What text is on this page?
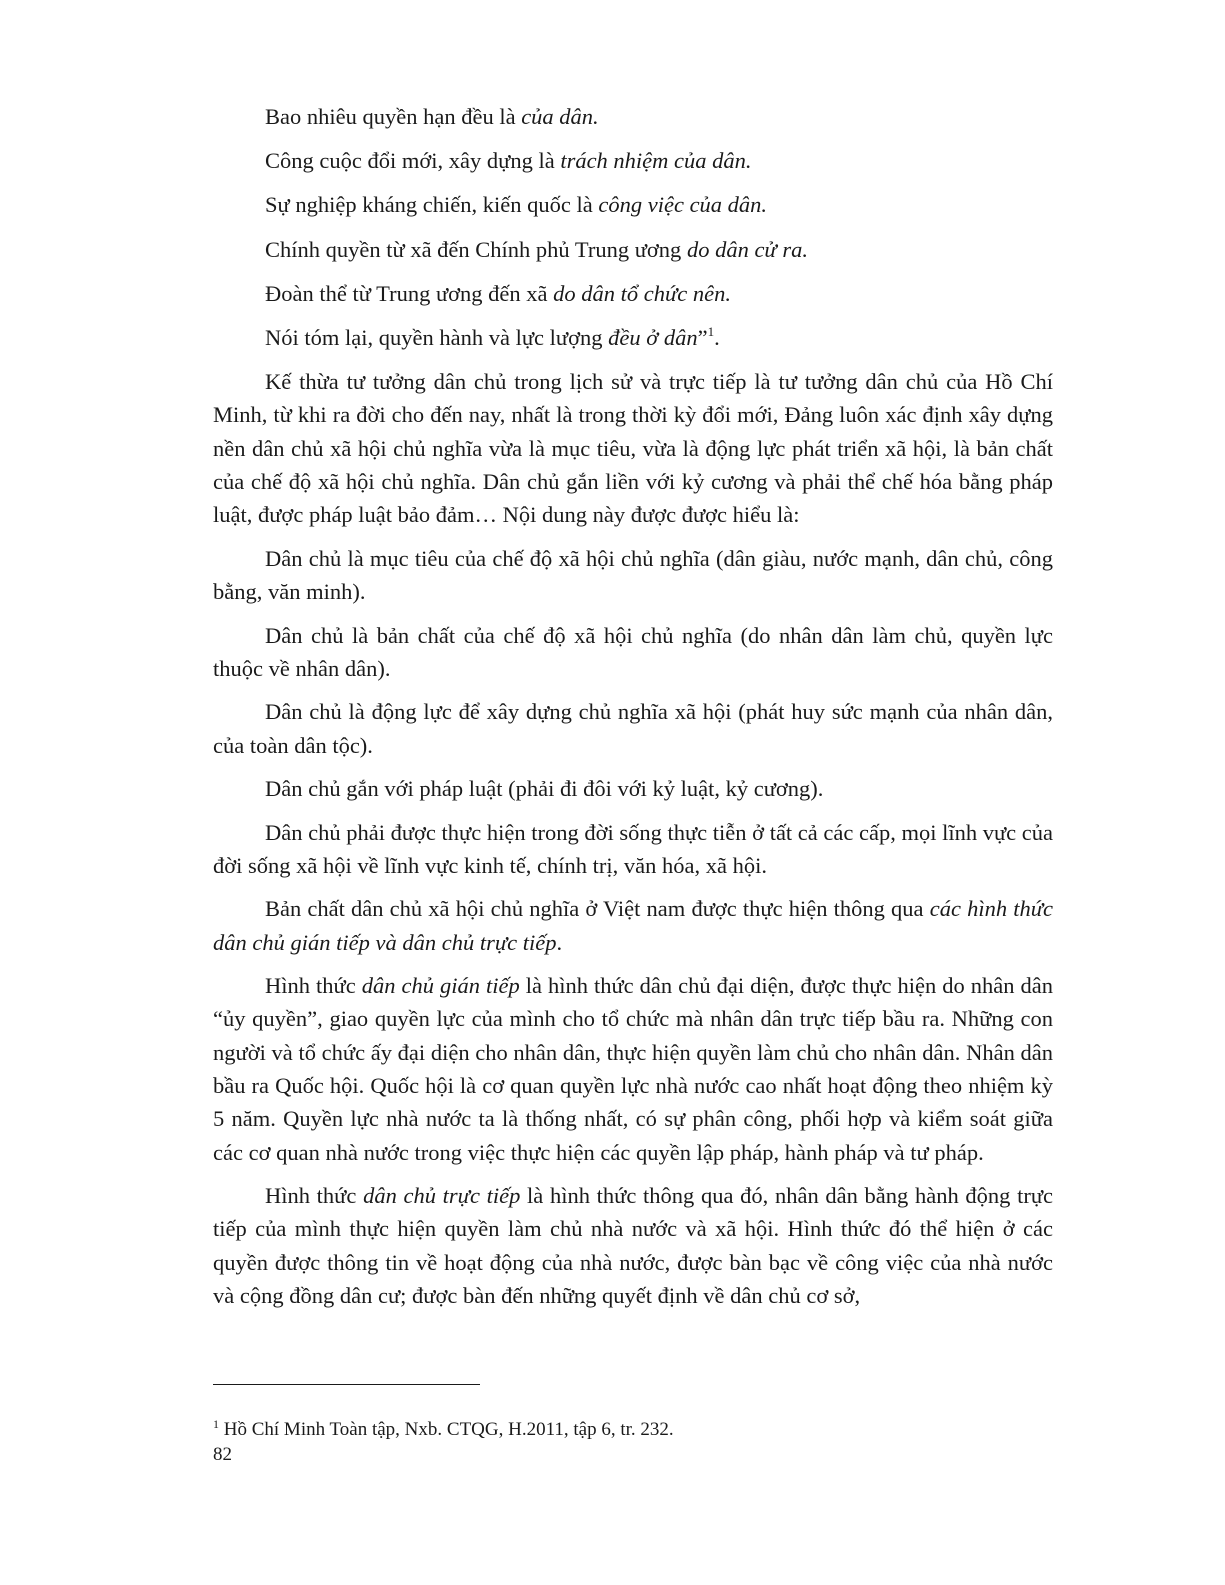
Bao nhiêu quyền hạn đều là của dân.

Công cuộc đổi mới, xây dựng là trách nhiệm của dân.

Sự nghiệp kháng chiến, kiến quốc là công việc của dân.

Chính quyền từ xã đến Chính phủ Trung ương do dân cử ra.

Đoàn thể từ Trung ương đến xã do dân tổ chức nên.

Nói tóm lại, quyền hành và lực lượng đều ở dân”$^1$.

Kế thừa tư tưởng dân chủ trong lịch sử và trực tiếp là tư tưởng dân chủ của Hồ Chí Minh, từ khi ra đời cho đến nay, nhất là trong thời kỳ đổi mới, Đảng luôn xác định xây dựng nền dân chủ xã hội chủ nghĩa vừa là mục tiêu, vừa là động lực phát triển xã hội, là bản chất của chế độ xã hội chủ nghĩa. Dân chủ gắn liền với kỷ cương và phải thể chế hóa bằng pháp luật, được pháp luật bảo đảm… Nội dung này được được hiểu là:

Dân chủ là mục tiêu của chế độ xã hội chủ nghĩa (dân giàu, nước mạnh, dân chủ, công bằng, văn minh).

Dân chủ là bản chất của chế độ xã hội chủ nghĩa (do nhân dân làm chủ, quyền lực thuộc về nhân dân).

Dân chủ là động lực để xây dựng chủ nghĩa xã hội (phát huy sức mạnh của nhân dân, của toàn dân tộc).

Dân chủ gắn với pháp luật (phải đi đôi với kỷ luật, kỷ cương).

Dân chủ phải được thực hiện trong đời sống thực tiễn ở tất cả các cấp, mọi lĩnh vực của đời sống xã hội về lĩnh vực kinh tế, chính trị, văn hóa, xã hội.

Bản chất dân chủ xã hội chủ nghĩa ở Việt nam được thực hiện thông qua các hình thức dân chủ gián tiếp và dân chủ trực tiếp.

Hình thức dân chủ gián tiếp là hình thức dân chủ đại diện, được thực hiện do nhân dân “ủy quyền”, giao quyền lực của mình cho tổ chức mà nhân dân trực tiếp bầu ra. Những con người và tổ chức ấy đại diện cho nhân dân, thực hiện quyền làm chủ cho nhân dân. Nhân dân bầu ra Quốc hội. Quốc hội là cơ quan quyền lực nhà nước cao nhất hoạt động theo nhiệm kỳ 5 năm. Quyền lực nhà nước ta là thống nhất, có sự phân công, phối hợp và kiểm soát giữa các cơ quan nhà nước trong việc thực hiện các quyền lập pháp, hành pháp và tư pháp.

Hình thức dân chủ trực tiếp là hình thức thông qua đó, nhân dân bằng hành động trực tiếp của mình thực hiện quyền làm chủ nhà nước và xã hội. Hình thức đó thể hiện ở các quyền được thông tin về hoạt động của nhà nước, được bàn bạc về công việc của nhà nước và cộng đồng dân cư; được bàn đến những quyết định về dân chủ cơ sở,

$^1$ Hồ Chí Minh Toàn tập, Nxb. CTQG, H.2011, tập 6, tr. 232.
82
